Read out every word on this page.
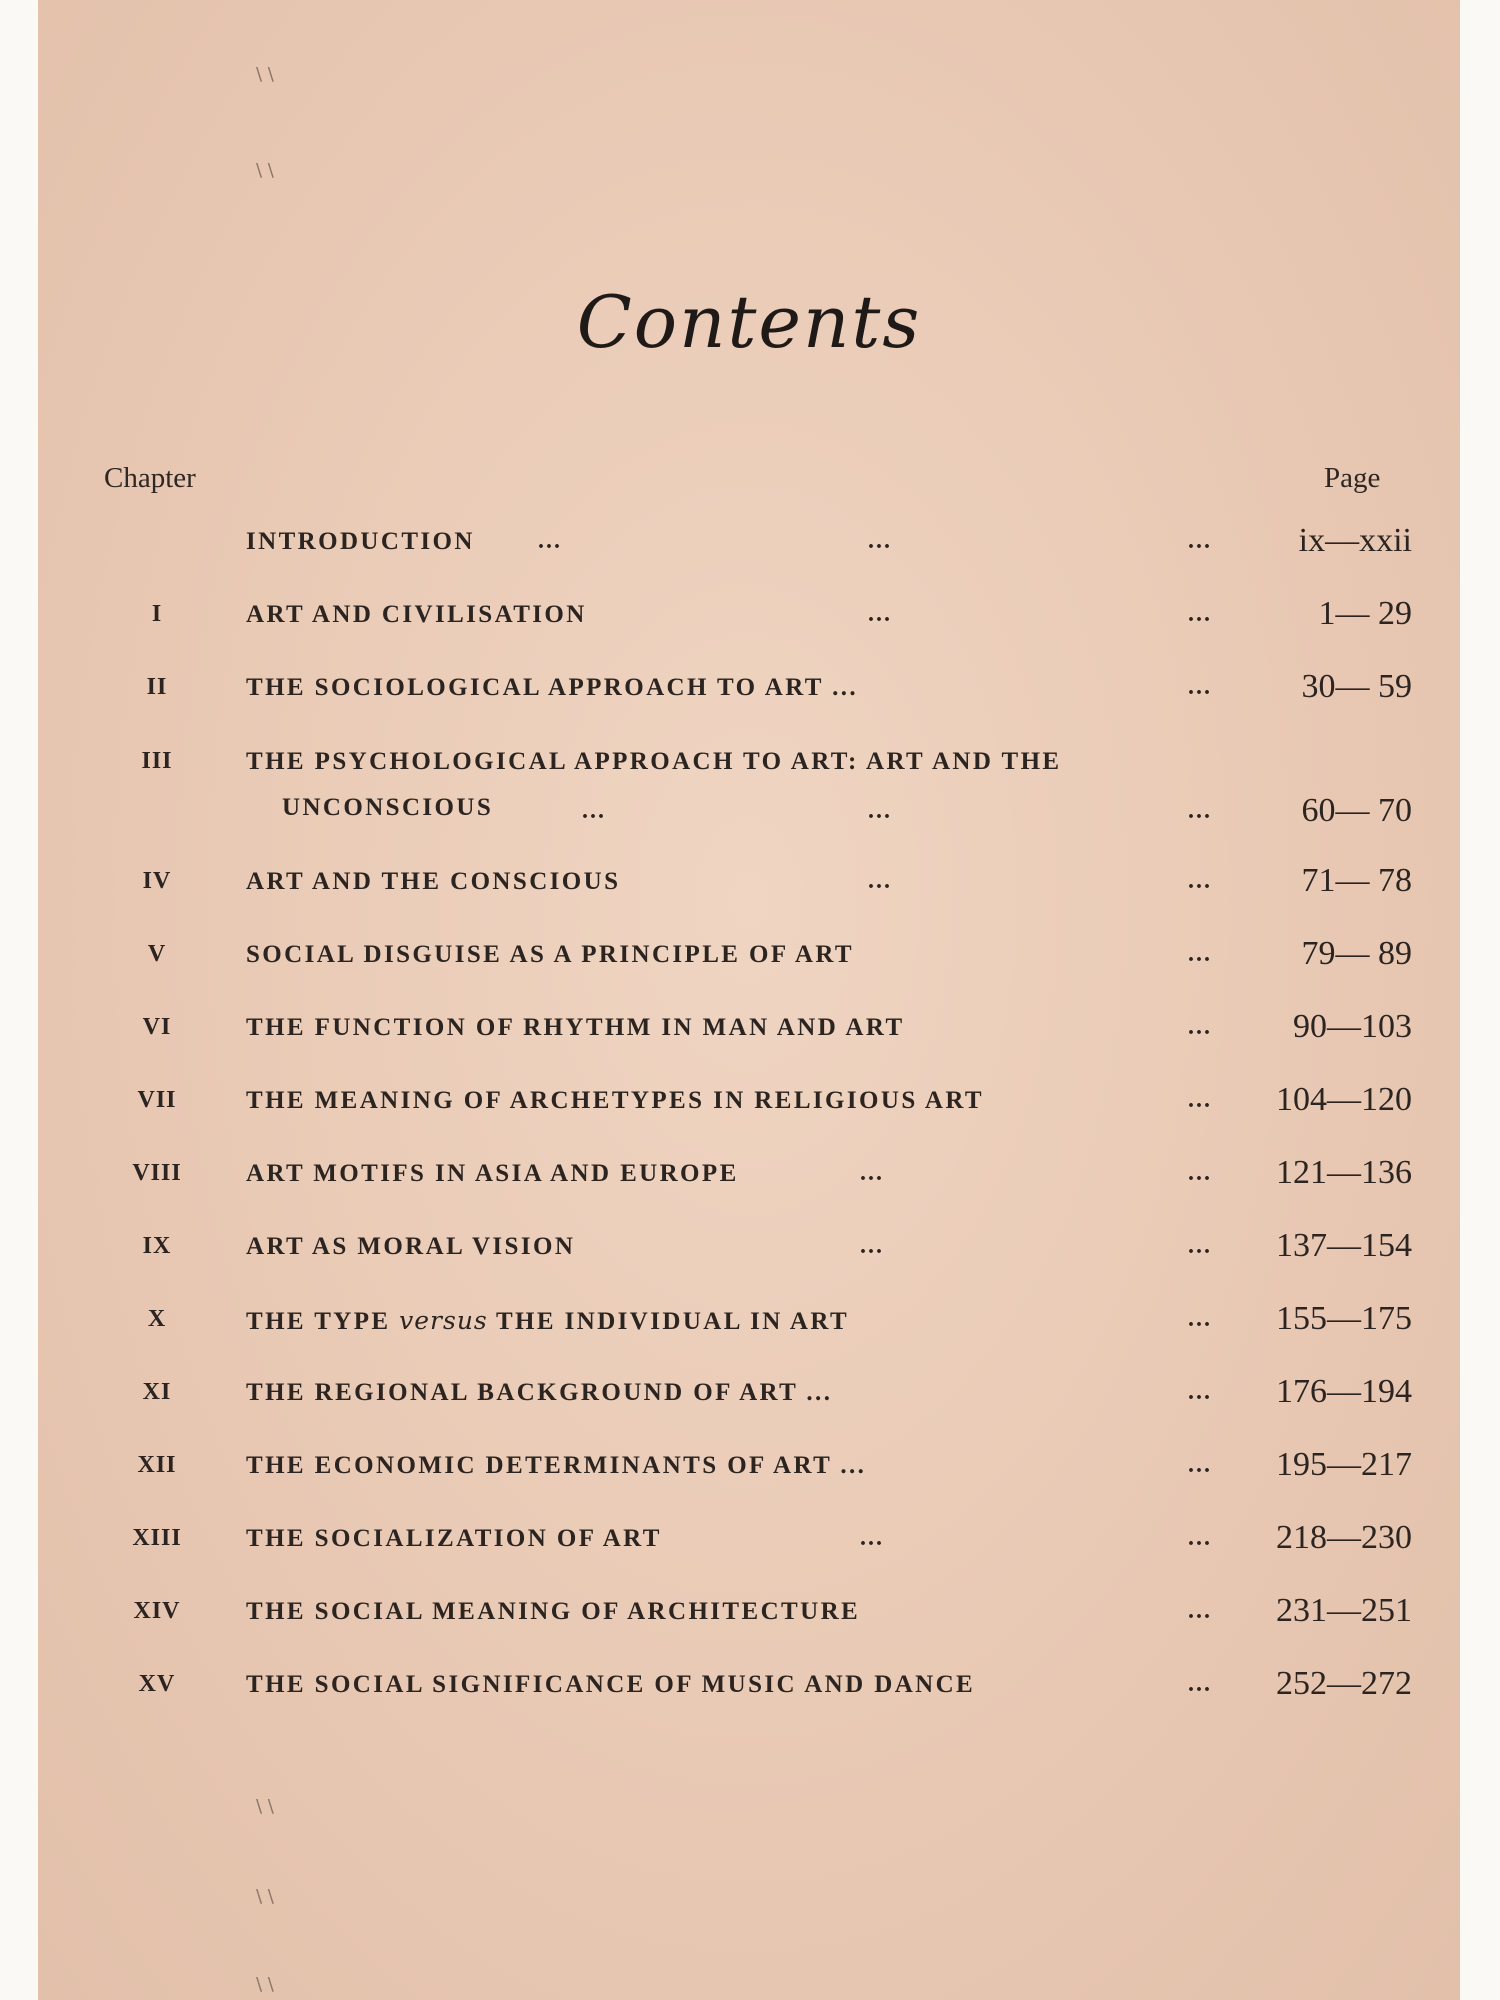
\ \
\ \
\ \
\ \
\ \
Contents
Chapter	Page
INTRODUCTION	...	...	...	ix—xxii
I	ART AND CIVILISATION	...	...	1— 29
II	THE SOCIOLOGICAL APPROACH TO ART ...	...	30— 59
III	THE PSYCHOLOGICAL APPROACH TO ART: ART AND THE
UNCONSCIOUS	...	...	...	60— 70
IV	ART AND THE CONSCIOUS	...	...	71— 78
V	SOCIAL DISGUISE AS A PRINCIPLE OF ART	...	79— 89
VI	THE FUNCTION OF RHYTHM IN MAN AND ART	... 90—103
VII	THE MEANING OF ARCHETYPES IN RELIGIOUS ART	... 104—120
VIII	ART MOTIFS IN ASIA AND EUROPE	...	... 121—136
IX	ART AS MORAL VISION	...	... 137—154
X	THE TYPE versus THE INDIVIDUAL IN ART	... 155—175
XI	THE REGIONAL BACKGROUND OF ART ...	... 176—194
XII	THE ECONOMIC DETERMINANTS OF ART ...	... 195—217
XIII	THE SOCIALIZATION OF ART	...	... 218—230
XIV	THE SOCIAL MEANING OF ARCHITECTURE	... 231—251
XV	THE SOCIAL SIGNIFICANCE OF MUSIC AND DANCE	... 252—272
